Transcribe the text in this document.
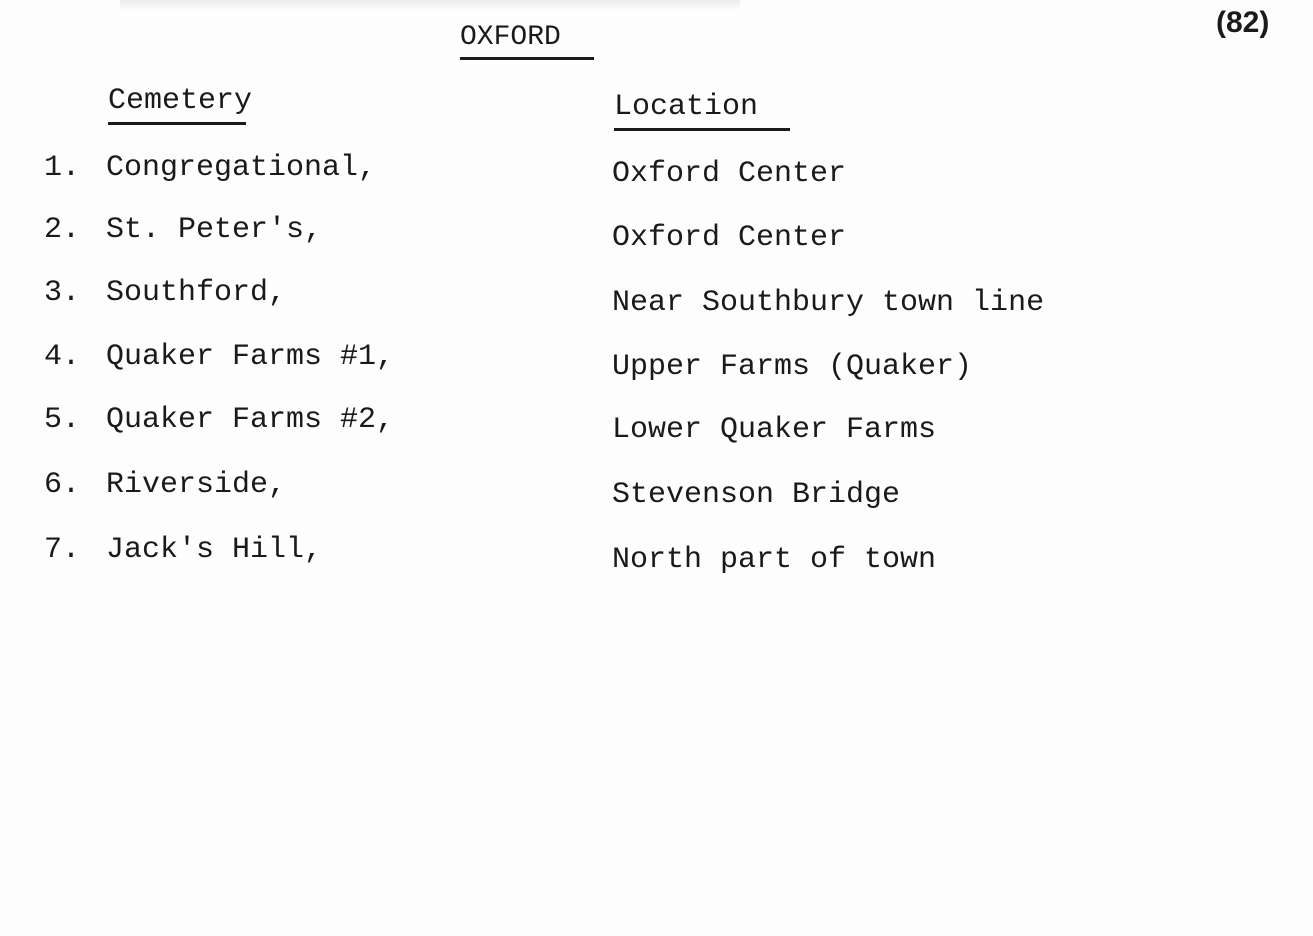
OXFORD	(82)
Cemetery	Location
1. Congregational,	Oxford Center
2. St. Peter's,	Oxford Center
3. Southford,	Near Southbury town line
4. Quaker Farms #1,	Upper Farms (Quaker)
5. Quaker Farms #2,	Lower Quaker Farms
6. Riverside,	Stevenson Bridge
7. Jack's Hill,	North part of town
